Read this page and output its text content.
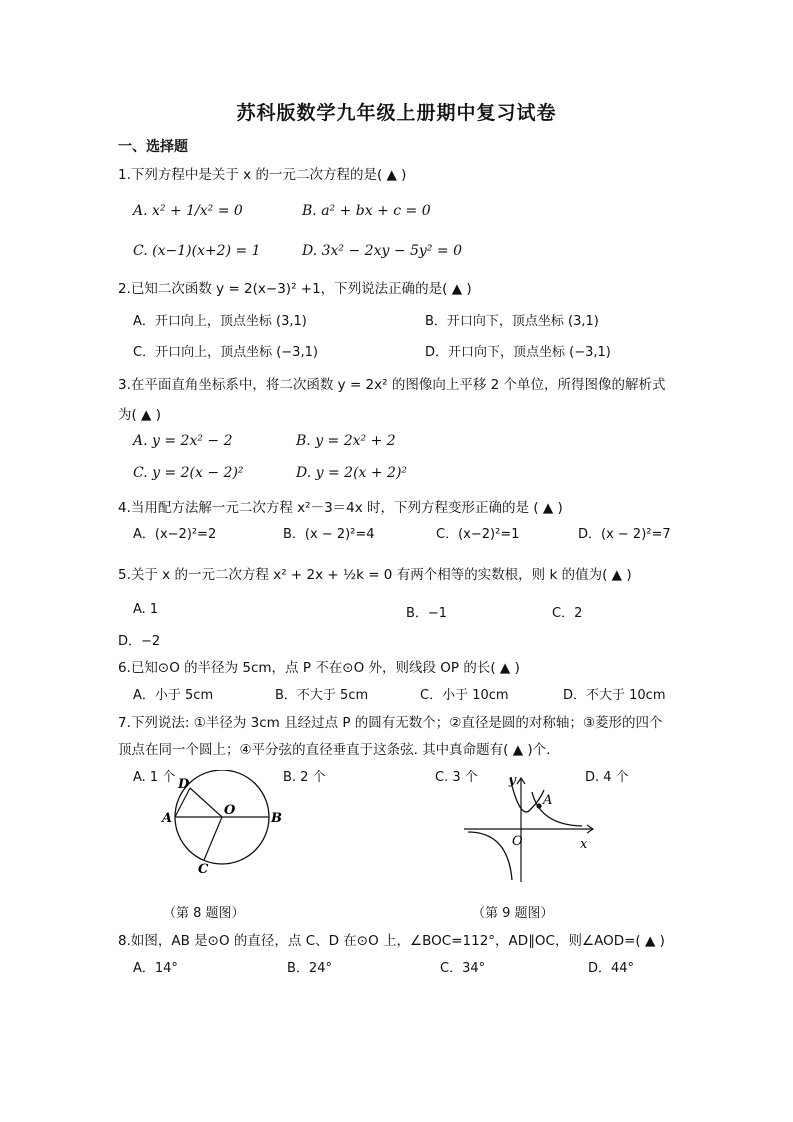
苏科版数学九年级上册期中复习试卷
一、选择题
1.下列方程中是关于 x 的一元二次方程的是( ▲ )
A. x² + 1/x² = 0	B. a² + bx + c = 0
C. (x−1)(x+2) = 1	D. 3x² − 2xy − 5y² = 0
2.已知二次函数 y = 2(x−3)² +1，下列说法正确的是( ▲ )
A．开口向上，顶点坐标 (3,1)	B．开口向下，顶点坐标 (3,1)
C．开口向上，顶点坐标 (−3,1)	D．开口向下，顶点坐标 (−3,1)
3.在平面直角坐标系中，将二次函数 y = 2x² 的图像向上平移 2 个单位，所得图像的解析式
为( ▲ )
A. y = 2x² − 2	B. y = 2x² + 2
C. y = 2(x − 2)²	D. y = 2(x + 2)²
4.当用配方法解一元二次方程 x²－3＝4x 时，下列方程变形正确的是 ( ▲ )
A．(x−2)²=2	B．(x − 2)²=4	C．(x−2)²=1	D．(x − 2)²=7
5.关于 x 的一元二次方程 x² + 2x + ½k = 0 有两个相等的实数根，则 k 的值为( ▲ )
A. 1	B．−1	C．2
D．−2
6.已知⊙O 的半径为 5cm，点 P 不在⊙O 外，则线段 OP 的长( ▲ )
A．小于 5cm	B．不大于 5cm	C．小于 10cm	D．不大于 10cm
7.下列说法: ①半径为 3cm 且经过点 P 的圆有无数个；②直径是圆的对称轴；③菱形的四个
顶点在同一个圆上；④平分弦的直径垂直于这条弦. 其中真命题有( ▲ )个.
A. 1 个	B. 2 个	C. 3 个	D. 4 个
D
O
A	B
C
（第 8 题图）
y
A
O	x
（第 9 题图）
8.如图，AB 是⊙O 的直径，点 C、D 在⊙O 上，∠BOC=112°，AD∥OC，则∠AOD=( ▲ )
A．14°	B．24°	C．34°	D．44°
